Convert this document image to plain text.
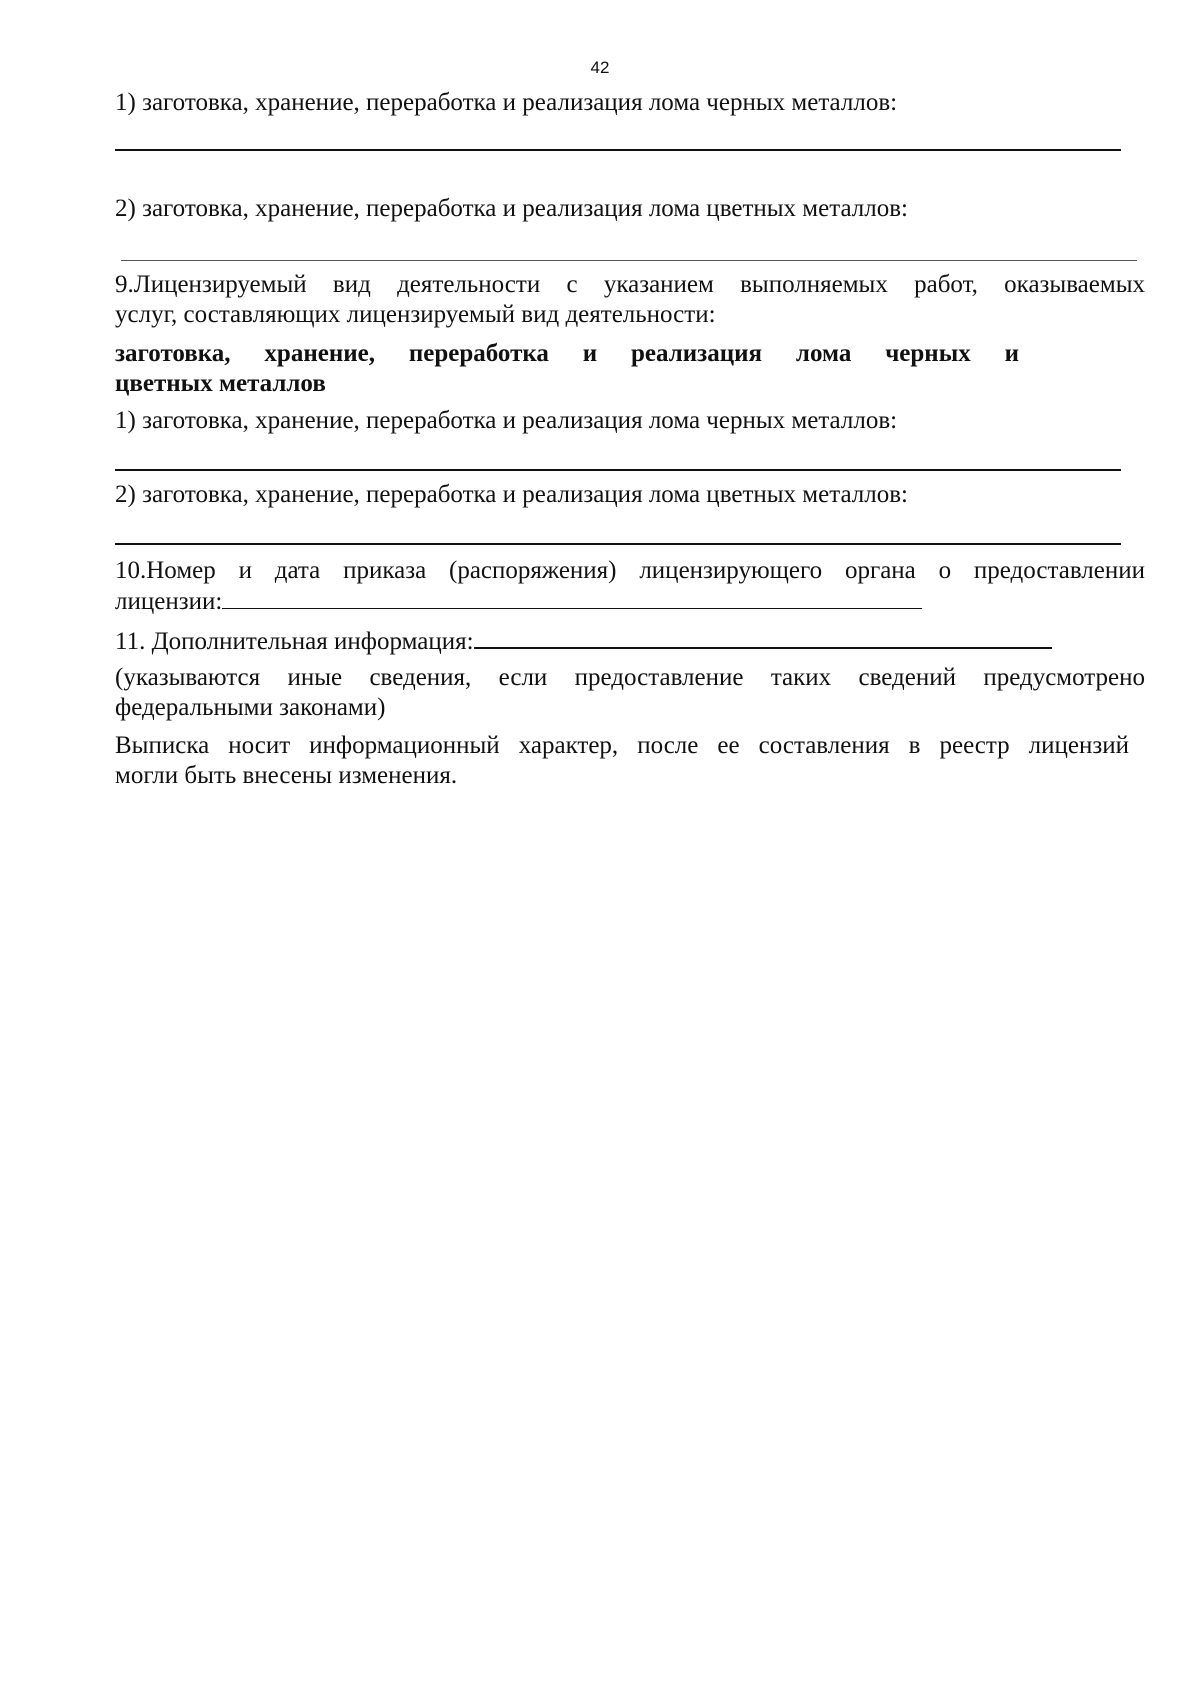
42
1) заготовка, хранение, переработка и реализация лома черных металлов:
2) заготовка, хранение, переработка и реализация лома цветных металлов:
9.Лицензируемый вид деятельности с указанием выполняемых работ, оказываемых
услуг, составляющих лицензируемый вид деятельности:
заготовка, хранение, переработка и реализация лома черных и
цветных металлов
1) заготовка, хранение, переработка и реализация лома черных металлов:
2) заготовка, хранение, переработка и реализация лома цветных металлов:
10.Номер и дата приказа (распоряжения) лицензирующего органа о предоставлении
лицензии:
11. Дополнительная информация:
(указываются иные сведения, если предоставление таких сведений предусмотрено
федеральными законами)
Выписка носит информационный характер, после ее составления в реестр лицензий
могли быть внесены изменения.
